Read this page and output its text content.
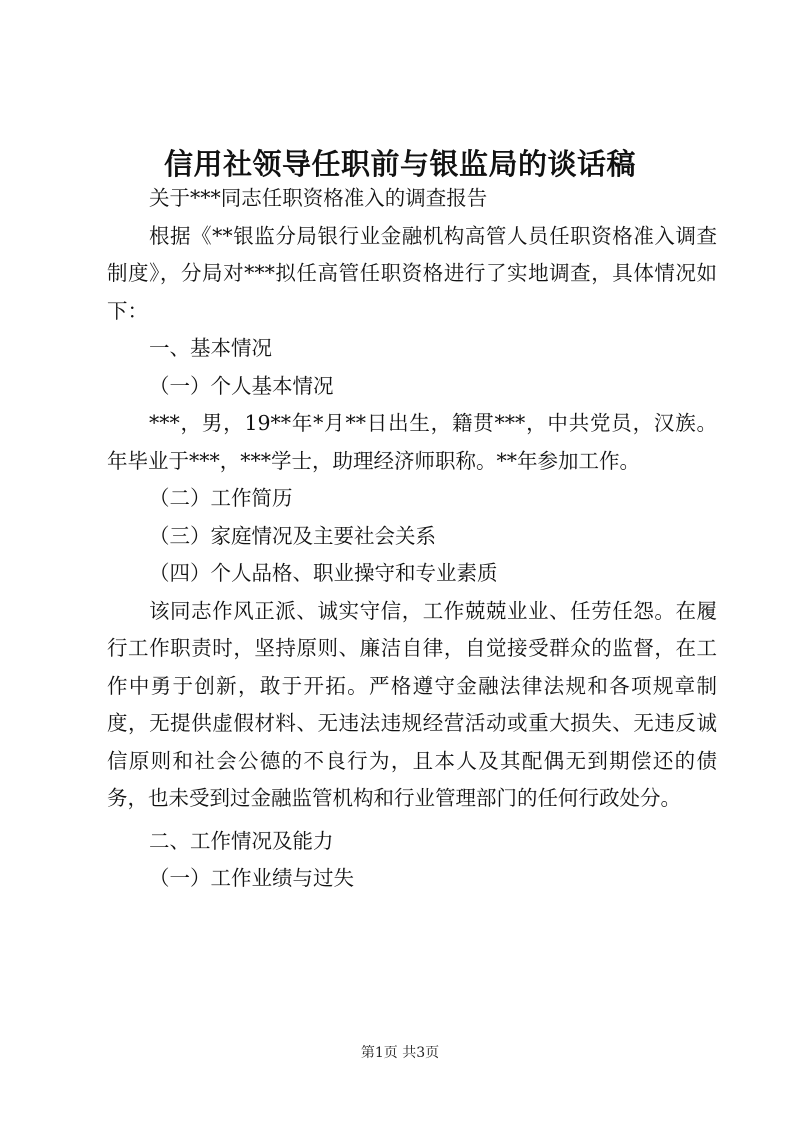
信用社领导任职前与银监局的谈话稿

关于***同志任职资格准入的调查报告

根据《**银监分局银行业金融机构高管人员任职资格准入调查制度》，分局对***拟任高管任职资格进行了实地调查，具体情况如下：

一、基本情况

（一）个人基本情况

***，男，19**年*月**日出生，籍贯***，中共党员，汉族。年毕业于***，***学士，助理经济师职称。**年参加工作。

（二）工作简历

（三）家庭情况及主要社会关系

（四）个人品格、职业操守和专业素质

该同志作风正派、诚实守信，工作兢兢业业、任劳任怨。在履行工作职责时，坚持原则、廉洁自律，自觉接受群众的监督，在工作中勇于创新，敢于开拓。严格遵守金融法律法规和各项规章制度，无提供虚假材料、无违法违规经营活动或重大损失、无违反诚信原则和社会公德的不良行为，且本人及其配偶无到期偿还的债务，也未受到过金融监管机构和行业管理部门的任何行政处分。

二、工作情况及能力

（一）工作业绩与过失

第1页 共3页
